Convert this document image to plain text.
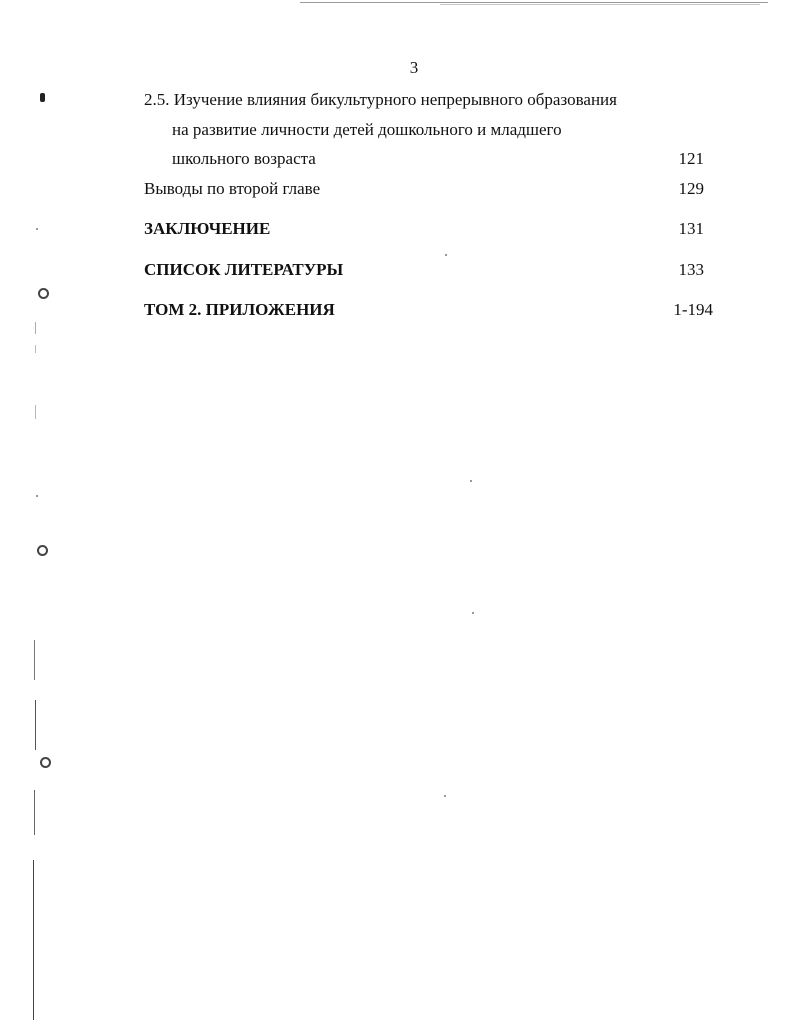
3
2.5. Изучение влияния бикультурного непрерывного образования
на развитие личности детей дошкольного и младшего
школьного возраста	121
Выводы по второй главе	129
ЗАКЛЮЧЕНИЕ	131
СПИСОК ЛИТЕРАТУРЫ	133
ТОМ 2. ПРИЛОЖЕНИЯ	1-194
